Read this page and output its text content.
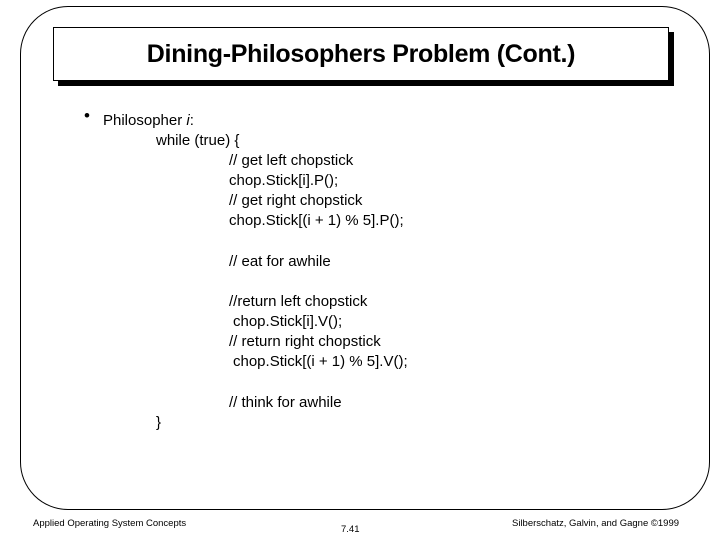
Dining-Philosophers Problem (Cont.)
• Philosopher i:
while (true) {
// get left chopstick
chop.Stick[i].P();
// get right chopstick
chop.Stick[(i + 1) % 5].P();
// eat for awhile
//return left chopstick
chop.Stick[i].V();
// return right chopstick
chop.Stick[(i + 1) % 5].V();
// think for awhile
}
Applied Operating System Concepts
7.41
Silberschatz, Galvin, and Gagne ©1999
